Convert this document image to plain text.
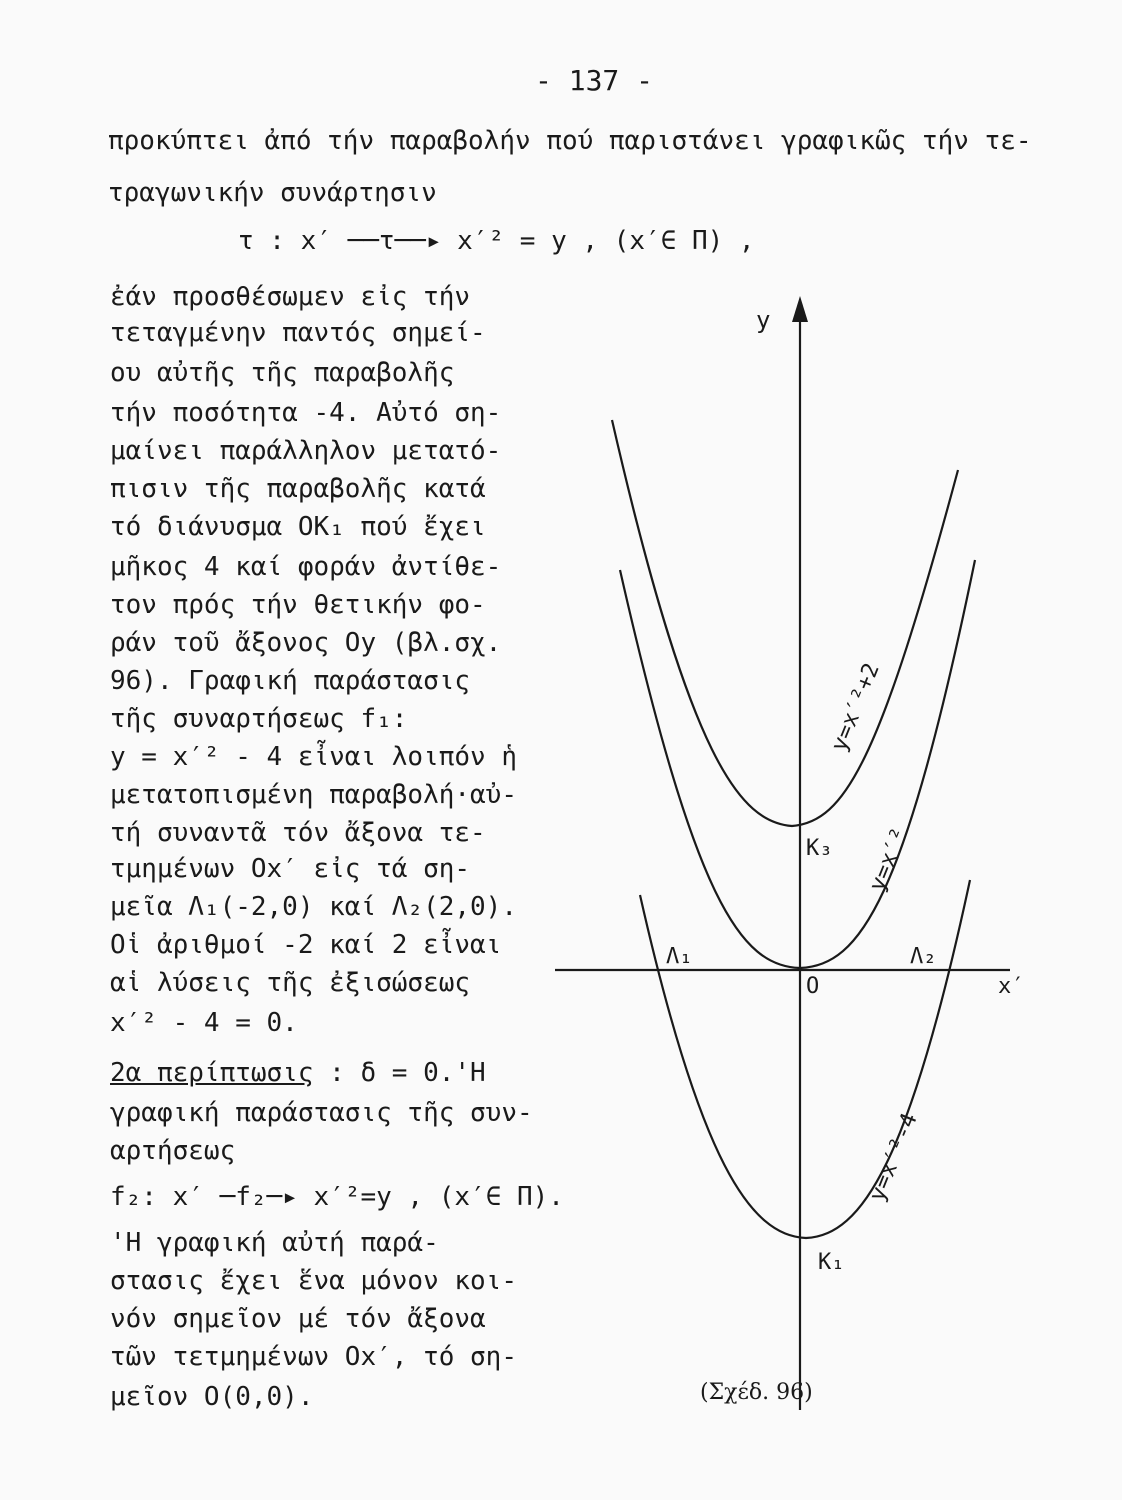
- 137 -
προκύπτει ἀπό τήν παραβολήν πού παριστάνει γραφικῶς τήν τε-
τραγωνικήν συνάρτησιν
τ : x′ ──τ──▸ x′² = y , (x′∈ Π) ,
ἐάν προσθέσωμεν εἰς τήν
τεταγμένην παντός σημεί-
ου αὐτῆς τῆς παραβολῆς
τήν ποσότητα -4. Αὐτό ση-
μαίνει παράλληλον μετατό-
πισιν τῆς παραβολῆς κατά
τό διάνυσμα OK₁ πού ἔχει
μῆκος 4 καί φοράν ἀντίθε-
τον πρός τήν θετικήν φο-
ράν τοῦ ἄξονος Oy (βλ.σχ.
96). Γραφική παράστασις
τῆς συναρτήσεως f₁:
y = x′² - 4 εἶναι λοιπόν ἡ
μετατοπισμένη παραβολή·αὐ-
τή συναντᾶ τόν ἄξονα τε-
τμημένων Ox′ εἰς τά ση-
μεῖα Λ₁(-2,0) καί Λ₂(2,0).
Οἱ ἀριθμοί -2 καί 2 εἶναι
αἱ λύσεις τῆς ἐξισώσεως
x′² - 4 = 0.
2α περίπτωσις : δ = 0.'Η
γραφική παράστασις τῆς συν-
αρτήσεως
f₂: x′ ─f₂─▸ x′²=y , (x′∈ Π).
'Η γραφική αὐτή παρά-
στασις ἔχει ἕνα μόνον κοι-
νόν σημεῖον μέ τόν ἄξονα
τῶν τετμημένων Ox′, τό ση-
μεῖον O(0,0).
y
x′
O
Λ₁	Λ₂
K₃
K₁
y=x′²+2
y=x′²
y=x′²-4
(Σχέδ. 96)
